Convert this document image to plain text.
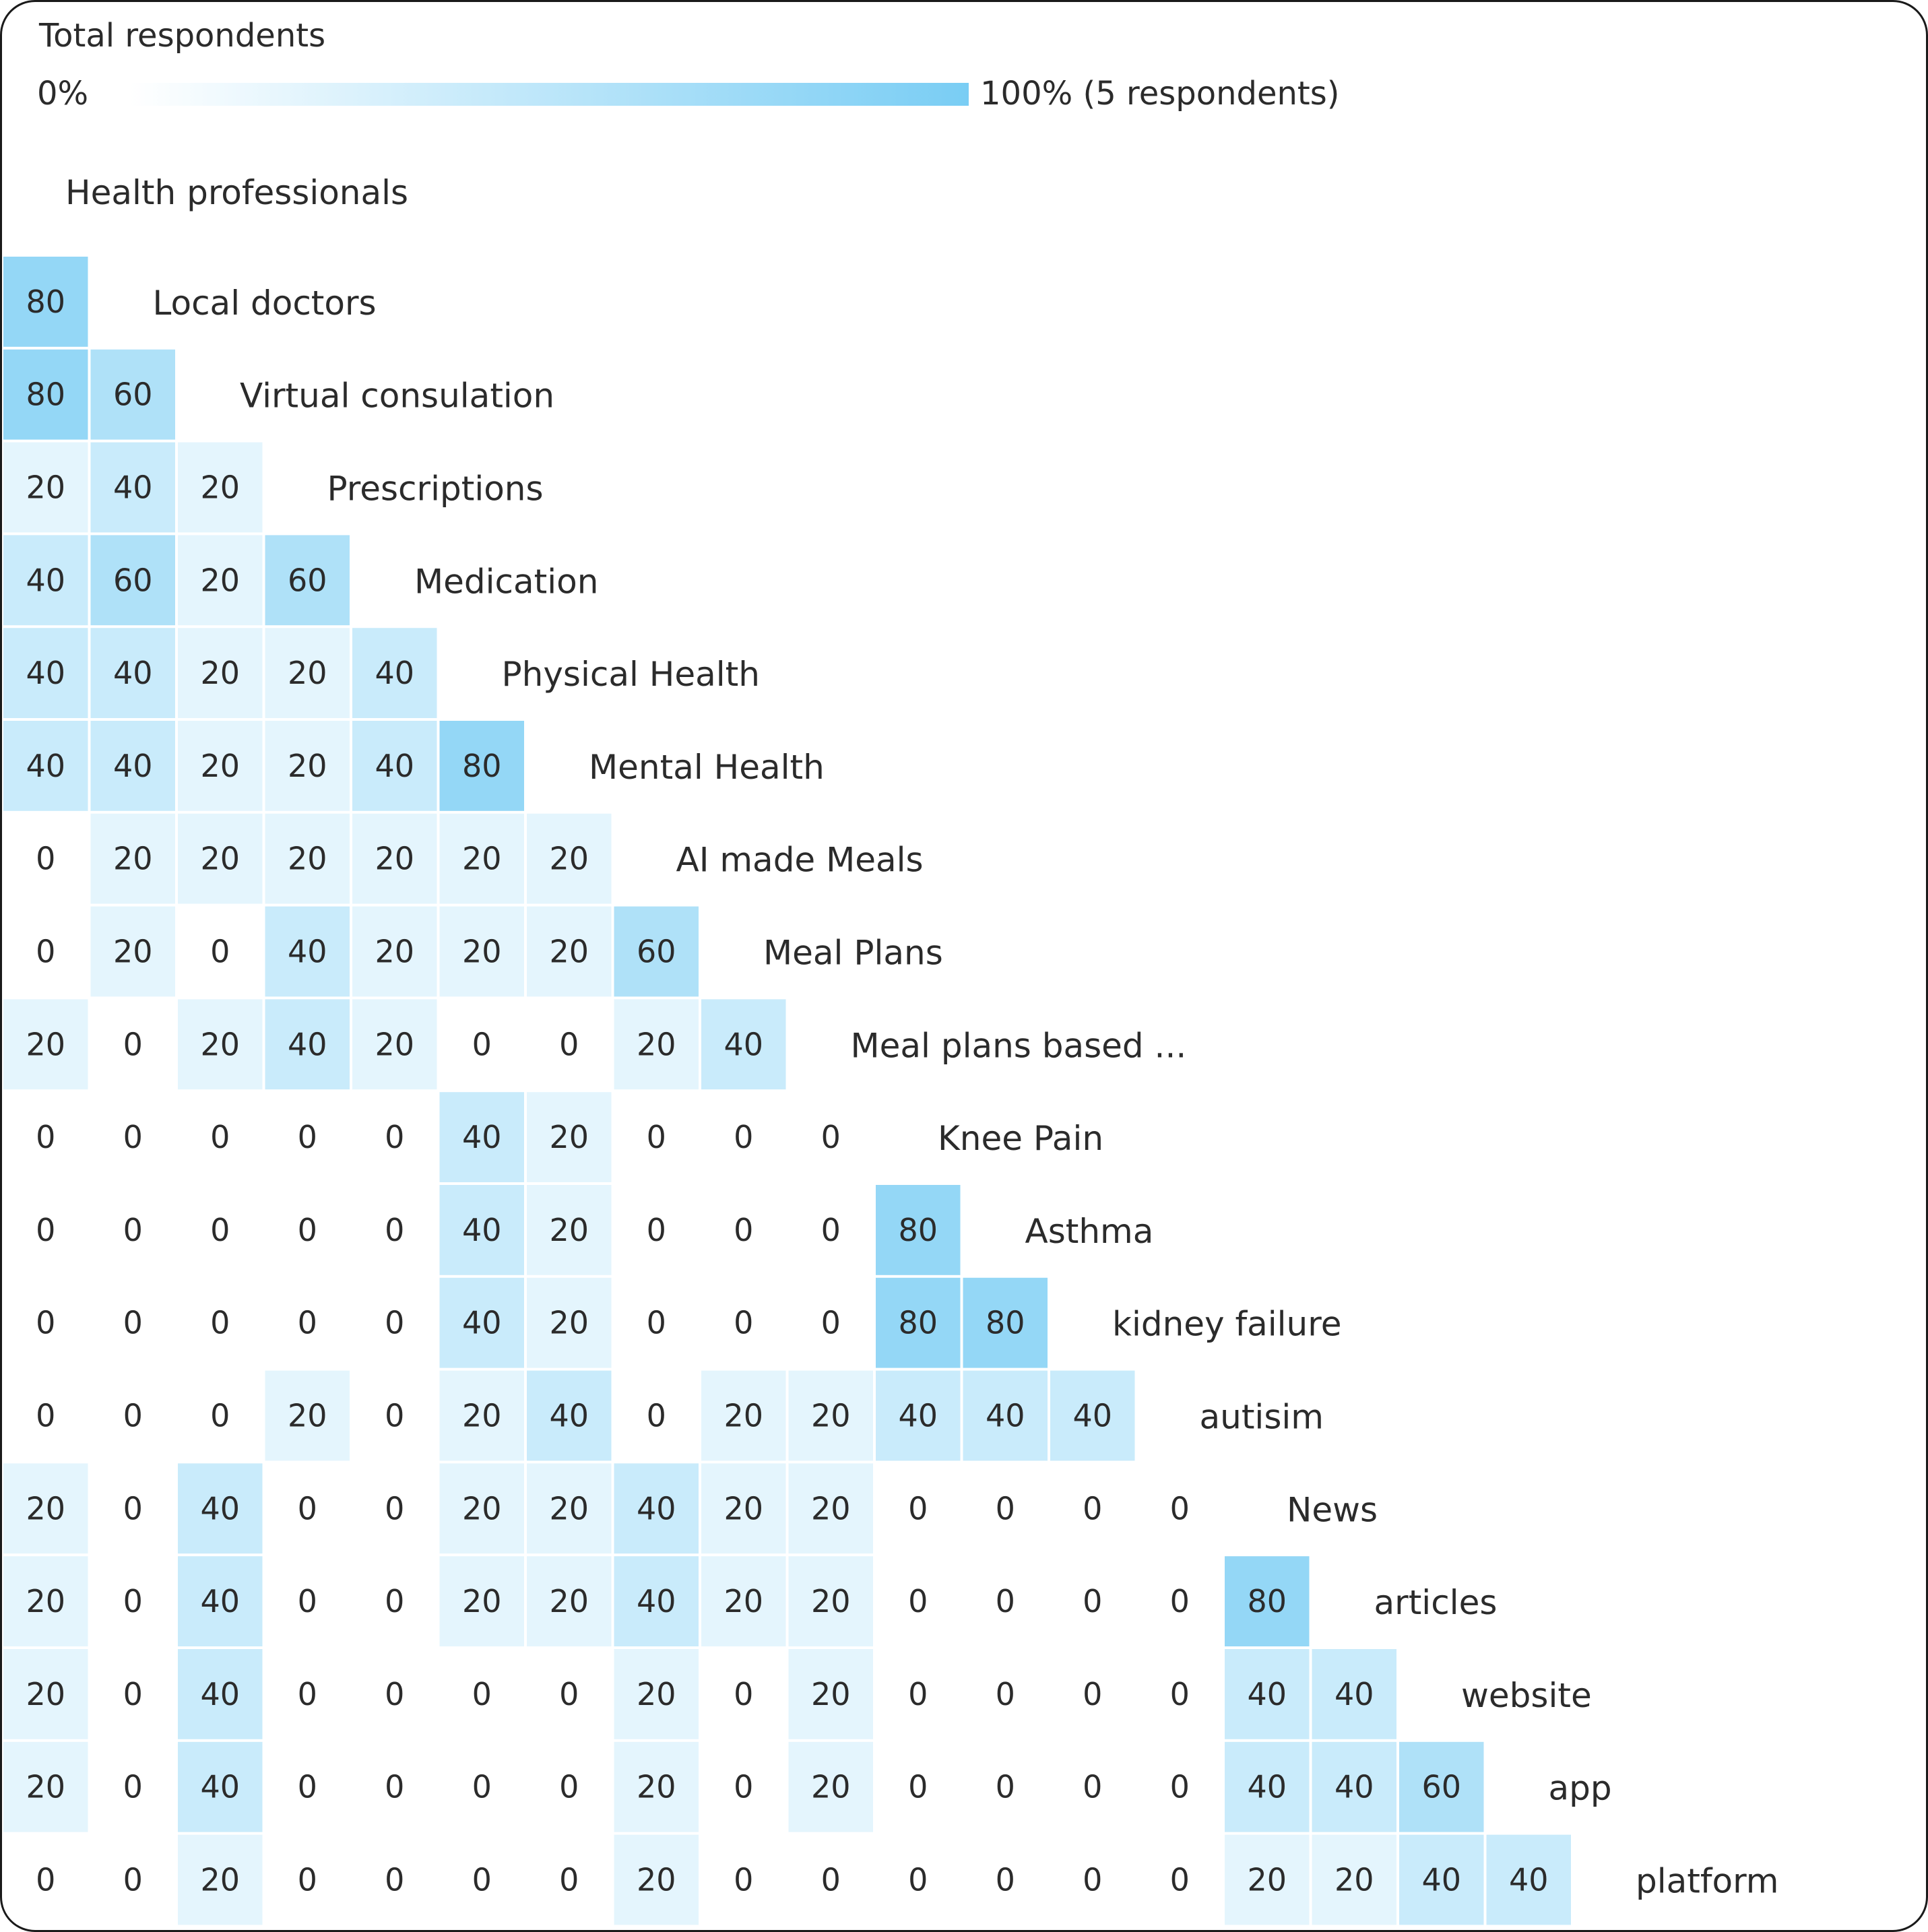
Total respondents
0%	100% (5 respondents)
Health professionals
Local doctors
80
Virtual consulation
80 60
Prescriptions
20 40 20
Medication
40 60 20 60
Physical Health
40 40 20 20 40
Mental Health
40 40 20 20 40 80
AI made Meals
0 20 20 20 20 20 20
Meal Plans
0 20 0 40 20 20 20 60
Meal plans based ...
20 0 20 40 20 0 0 20 40
Knee Pain
0 0 0 0 0 40 20 0 0 0
Asthma
0 0 0 0 0 40 20 0 0 0 80
kidney failure
0 0 0 0 0 40 20 0 0 0 80 80
autisim
0 0 0 20 0 20 40 0 20 20 40 40 40
News
20 0 40 0 0 20 20 40 20 20 0 0 0 0
articles
20 0 40 0 0 20 20 40 20 20 0 0 0 0 80
website
20 0 40 0 0 0 0 20 0 20 0 0 0 0 40 40
app
20 0 40 0 0 0 0 20 0 20 0 0 0 0 40 40 60
platform
0 0 20 0 0 0 0 20 0 0 0 0 0 0 20 20 40 40
